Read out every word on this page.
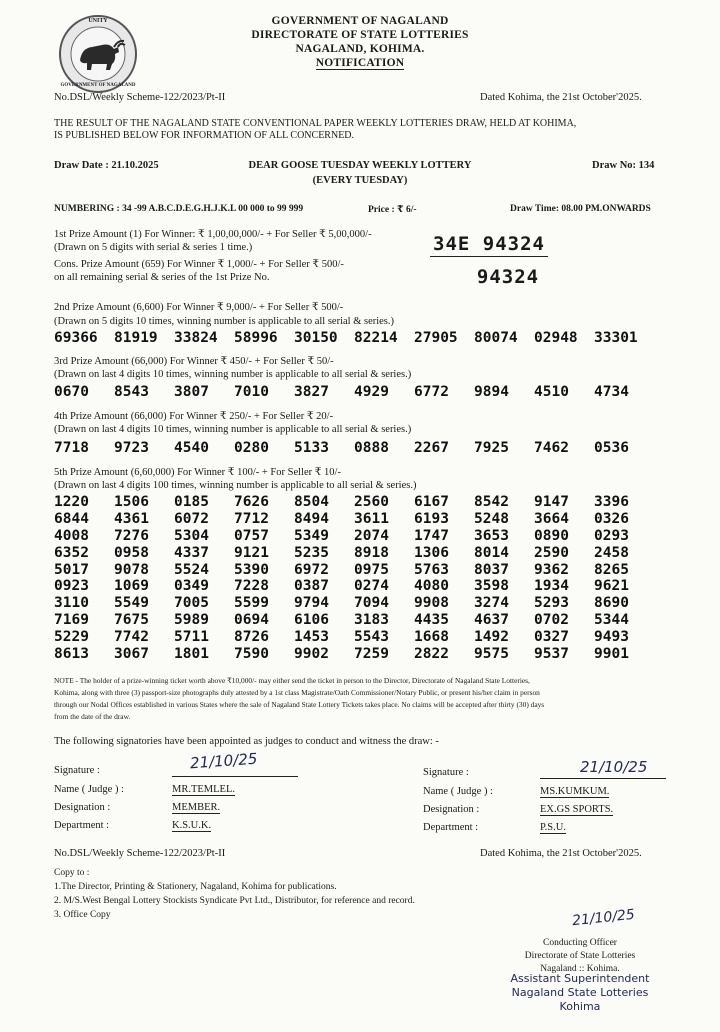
UNITY
GOVERNMENT OF NAGALAND
GOVERNMENT OF NAGALAND
DIRECTORATE OF STATE LOTTERIES
NAGALAND, KOHIMA.
NOTIFICATION
No.DSL/Weekly Scheme-122/2023/Pt-II	Dated Kohima, the 21st October'2025.
THE RESULT OF THE NAGALAND STATE CONVENTIONAL PAPER WEEKLY LOTTERIES DRAW, HELD AT KOHIMA,
IS PUBLISHED BELOW FOR INFORMATION OF ALL CONCERNED.
Draw Date : 21.10.2025	DEAR GOOSE TUESDAY WEEKLY LOTTERY
(EVERY TUESDAY)
Draw No: 134
NUMBERING : 34 -99 A.B.C.D.E.G.H.J.K.L 00 000 to 99 999	Price : ₹ 6/-	Draw Time: 08.00 PM.ONWARDS
1st Prize Amount (1) For Winner: ₹ 1,00,00,000/- + For Seller ₹ 5,00,000/-
(Drawn on 5 digits with serial & series 1 time.)
Cons. Prize Amount (659) For Winner ₹ 1,000/- + For Seller ₹ 500/-
on all remaining serial & series of the 1st Prize No.
34E 94324
94324
2nd Prize Amount (6,600) For Winner ₹ 9,000/- + For Seller ₹ 500/-
(Drawn on 5 digits 10 times, winning number is applicable to all serial & series.)
69366	81919	33824	58996	30150	82214	27905	80074	02948	33301
3rd Prize Amount (66,000) For Winner ₹ 450/- + For Seller ₹ 50/-
(Drawn on last 4 digits 10 times, winning number is applicable to all serial & series.)
0670	8543	3807	7010	3827	4929	6772	9894	4510	4734
4th Prize Amount (66,000) For Winner ₹ 250/- + For Seller ₹ 20/-
(Drawn on last 4 digits 10 times, winning number is applicable to all serial & series.)
7718	9723	4540	0280	5133	0888	2267	7925	7462	0536
5th Prize Amount (6,60,000) For Winner ₹ 100/- + For Seller ₹ 10/-
(Drawn on last 4 digits 100 times, winning number is applicable to all serial & series.)
1220	1506	0185	7626	8504	2560	6167	8542	9147	3396
6844	4361	6072	7712	8494	3611	6193	5248	3664	0326
4008	7276	5304	0757	5349	2074	1747	3653	0890	0293
6352	0958	4337	9121	5235	8918	1306	8014	2590	2458
5017	9078	5524	5390	6972	0975	5763	8037	9362	8265
0923	1069	0349	7228	0387	0274	4080	3598	1934	9621
3110	5549	7005	5599	9794	7094	9908	3274	5293	8690
7169	7675	5989	0694	6106	3183	4435	4637	0702	5344
5229	7742	5711	8726	1453	5543	1668	1492	0327	9493
8613	3067	1801	7590	9902	7259	2822	9575	9537	9901
NOTE - The holder of a prize-winning ticket worth above ₹10,000/- may either send the ticket in person to the Director, Directorate of Nagaland State Lotteries,
Kohima, along with three (3) passport-size photographs duly attested by a 1st class Magistrate/Oath Commissioner/Notary Public, or present his/her claim in person
through our Nodal Offices established in various States where the sale of Nagaland State Lottery Tickets takes place. No claims will be accepted after thirty (30) days
from the date of the draw.
The following signatories have been appointed as judges to conduct and witness the draw: -
Signature :	21/10/25
Name ( Judge ) :	MR.TEMLEL.
Designation :	MEMBER.
Department :	K.S.U.K.
Signature :	21/10/25
Name ( Judge ) :	MS.KUMKUM.
Designation :	EX.GS SPORTS.
Department :	P.S.U.
No.DSL/Weekly Scheme-122/2023/Pt-II	Dated Kohima, the 21st October'2025.
Copy to :
1.The Director, Printing & Stationery, Nagaland, Kohima for publications.
2. M/S.West Bengal Lottery Stockists Syndicate Pvt Ltd., Distributor, for reference and record.
3. Office Copy	21/10/25
Conducting Officer
Directorate of State Lotteries
Nagaland :: Kohima.
Assistant Superintendent
Nagaland State Lotteries
Kohima
